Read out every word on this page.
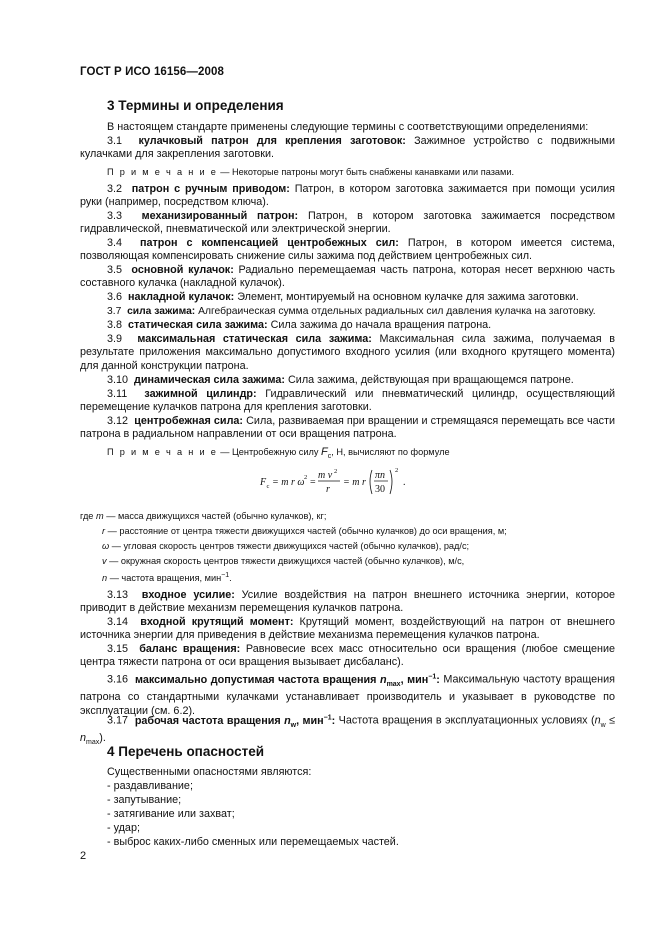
ГОСТ Р ИСО 16156—2008
3 Термины и определения
В настоящем стандарте применены следующие термины с соответствующими определениями:
3.1 кулачковый патрон для крепления заготовок: Зажимное устройство с подвижными кулачками для закрепления заготовки.
П р и м е ч а н и е — Некоторые патроны могут быть снабжены канавками или пазами.
3.2 патрон с ручным приводом: Патрон, в котором заготовка зажимается при помощи усилия руки (например, посредством ключа).
3.3 механизированный патрон: Патрон, в котором заготовка зажимается посредством гидравлической, пневматической или электрической энергии.
3.4 патрон с компенсацией центробежных сил: Патрон, в котором имеется система, позволяющая компенсировать снижение силы зажима под действием центробежных сил.
3.5 основной кулачок: Радиально перемещаемая часть патрона, которая несет верхнюю часть составного кулачка (накладной кулачок).
3.6 накладной кулачок: Элемент, монтируемый на основном кулачке для зажима заготовки.
3.7 сила зажима: Алгебраическая сумма отдельных радиальных сил давления кулачка на заготовку.
3.8 статическая сила зажима: Сила зажима до начала вращения патрона.
3.9 максимальная статическая сила зажима: Максимальная сила зажима, получаемая в результате приложения максимально допустимого входного усилия (или входного крутящего момента) для данной конструкции патрона.
3.10 динамическая сила зажима: Сила зажима, действующая при вращающемся патроне.
3.11 зажимной цилиндр: Гидравлический или пневматический цилиндр, осуществляющий перемещение кулачков патрона для крепления заготовки.
3.12 центробежная сила: Сила, развиваемая при вращении и стремящаяся перемещать все части патрона в радиальном направлении от оси вращения патрона.
П р и м е ч а н и е — Центробежную силу $F_c$, Н, вычисляют по формуле
F c = m r ω 2 =
m v 2
r
= m r
πn
30
2
.
где m — масса движущихся частей (обычно кулачков), кг;
r — расстояние от центра тяжести движущихся частей (обычно кулачков) до оси вращения, м;
ω — угловая скорость центров тяжести движущихся частей (обычно кулачков), рад/с;
v — окружная скорость центров тяжести движущихся частей (обычно кулачков), м/с,
n — частота вращения, мин$^{-1}$.
3.13 входное усилие: Усилие воздействия на патрон внешнего источника энергии, которое приводит в действие механизм перемещения кулачков патрона.
3.14 входной крутящий момент: Крутящий момент, воздействующий на патрон от внешнего источника энергии для приведения в действие механизма перемещения кулачков патрона.
3.15 баланс вращения: Равновесие всех масс относительно оси вращения (любое смещение центра тяжести патрона от оси вращения вызывает дисбаланс).
3.16 максимально допустимая частота вращения $n_{max}$, мин$^{-1}$: Максимальную частоту вращения патрона со стандартными кулачками устанавливает производитель и указывает в руководстве по эксплуатации (см. 6.2).
3.17 рабочая частота вращения $n_w$, мин$^{-1}$: Частота вращения в эксплуатационных условиях $(n_w \le n_{max})$.
4 Перечень опасностей
Существенными опасностями являются:
- раздавливание;
- запутывание;
- затягивание или захват;
- удар;
- выброс каких-либо сменных или перемещаемых частей.
2
